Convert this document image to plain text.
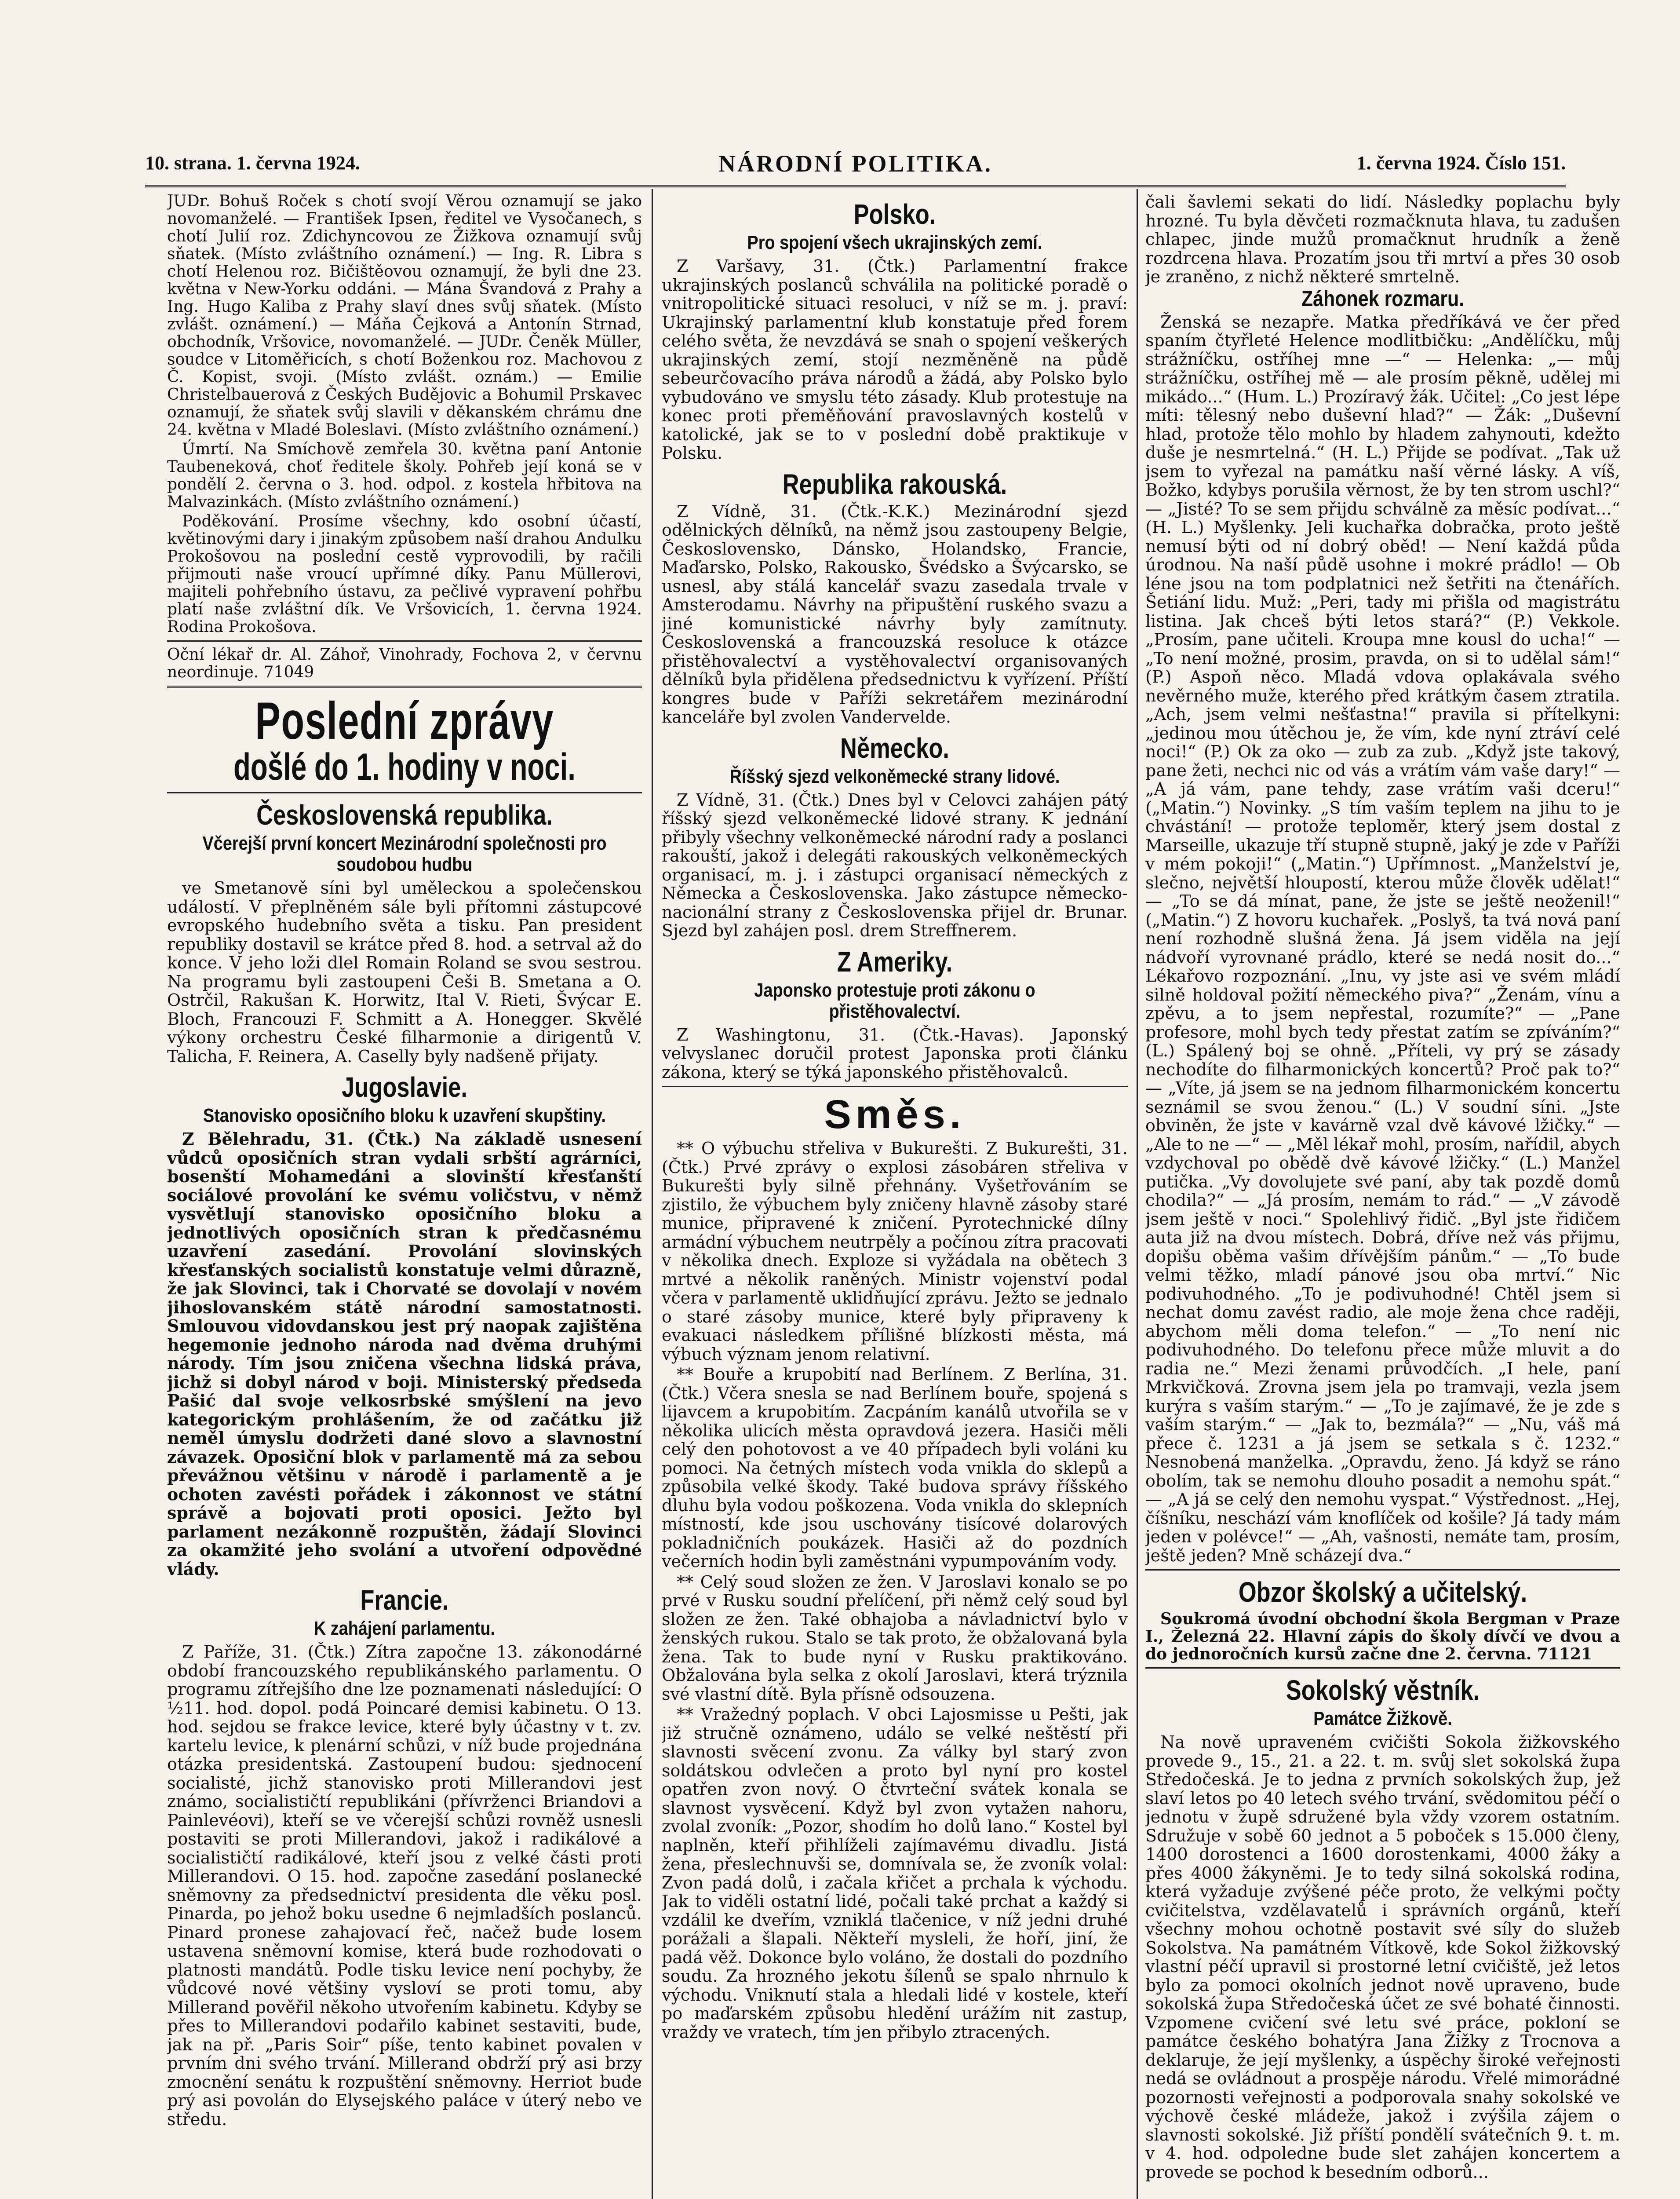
10. strana. 1. června 1924.	NÁRODNÍ POLITIKA.	1. června 1924. Číslo 151.

JUDr. Bohuš Roček s chotí svojí Věrou oznamují se jako novomanželé. — František Ipsen, ředitel ve Vysočanech, s chotí Julií roz. Zdichyncovou ze Žižkova oznamují svůj sňatek. (Místo zvláštního oznámení.) — Ing. R. Libra s chotí Helenou roz. Bičištěovou oznamují, že byli dne 23. května v New-Yorku oddáni. — Mána Švandová z Prahy a Ing. Hugo Kaliba z Prahy slaví dnes svůj sňatek. (Místo zvlášt. oznámení.) — Máňa Čejková a Antonín Strnad, obchodník, Vršovice, novomanželé. — JUDr. Čeněk Müller, soudce v Litoměřicích, s chotí Boženkou roz. Machovou z Č. Kopist, svoji. (Místo zvlášt. oznám.) — Emilie Christelbauerová z Českých Budějovic a Bohumil Prskavec oznamují, že sňatek svůj slavili v děkanském chrámu dne 24. května v Mladé Boleslavi. (Místo zvláštního oznámení.)

Úmrtí. Na Smíchově zemřela 30. května paní Antonie Taubeneková, choť ředitele školy. Pohřeb její koná se v pondělí 2. června o 3. hod. odpol. z kostela hřbitova na Malvazinkách. (Místo zvláštního oznámení.)

Poděkování. Prosíme všechny, kdo osobní účastí, květinovými dary i jinakým způsobem naší drahou Andulku Prokošovou na poslední cestě vyprovodili, by račili přijmouti naše vroucí upřímné díky. Panu Müllerovi, majiteli pohřebního ústavu, za pečlivé vypravení pohřbu platí naše zvláštní dík. Ve Vršovicích, 1. června 1924. Rodina Prokošova.

Oční lékař dr. Al. Záhoř, Vinohrady, Fochova 2, v červnu neordinuje. 71049

Poslední zprávy
došlé do 1. hodiny v noci.
Československá republika.
Včerejší první koncert Mezinárodní společnosti pro soudobou hudbu

ve Smetanově síni byl uměleckou a společenskou událostí. V přeplněném sále byli přítomni zástupcové evropského hudebního světa a tisku. Pan president republiky dostavil se krátce před 8. hod. a setrval až do konce. V jeho loži dlel Romain Roland se svou sestrou. Na programu byli zastoupeni Češi B. Smetana a O. Ostrčil, Rakušan K. Horwitz, Ital V. Rieti, Švýcar E. Bloch, Francouzi F. Schmitt a A. Honegger. Skvělé výkony orchestru České filharmonie a dirigentů V. Talicha, F. Reinera, A. Caselly byly nadšeně přijaty.

Jugoslavie.
Stanovisko oposičního bloku k uzavření skupštiny.

Z Bělehradu, 31. (Čtk.) Na základě usnesení vůdců oposičních stran vydali srbští agrárníci, bosenští Mohamedáni a slovinští křesťanští sociálové provolání ke svému voličstvu, v němž vysvětlují stanovisko oposičního bloku a jednotlivých oposičních stran k předčasnému uzavření zasedání. Provolání slovinských křesťanských socialistů konstatuje velmi důrazně, že jak Slovinci, tak i Chorvaté se dovolají v novém jihoslovanském státě národní samostatnosti. Smlouvou vidovdanskou jest prý naopak zajištěna hegemonie jednoho národa nad dvěma druhými národy. Tím jsou zničena všechna lidská práva, jichž si dobyl národ v boji. Ministerský předseda Pašić dal svoje velkosrbské smýšlení na jevo kategorickým prohlášením, že od začátku již neměl úmyslu dodržeti dané slovo a slavnostní závazek. Oposiční blok v parlamentě má za sebou převážnou většinu v národě i parlamentě a je ochoten zavésti pořádek i zákonnost ve státní správě a bojovati proti oposici. Ježto byl parlament nezákonně rozpuštěn, žádají Slovinci za okamžité jeho svolání a utvoření odpovědné vlády.

Francie.
K zahájení parlamentu.

Z Paříže, 31. (Čtk.) Zítra započne 13. zákonodárné období francouzského republikánského parlamentu. O programu zítřejšího dne lze poznamenati následující: O ½11. hod. dopol. podá Poincaré demisi kabinetu. O 13. hod. sejdou se frakce levice, které byly účastny v t. zv. kartelu levice, k plenární schůzi, v níž bude projednána otázka presidentská. Zastoupení budou: sjednocení socialisté, jichž stanovisko proti Millerandovi jest známo, socialističtí republikáni (přívrženci Briandovi a Painlevéovi), kteří se ve včerejší schůzi rovněž usnesli postaviti se proti Millerandovi, jakož i radikálové a socialističtí radikálové, kteří jsou z velké části proti Millerandovi. O 15. hod. započne zasedání poslanecké sněmovny za předsednictví presidenta dle věku posl. Pinarda, po jehož boku usedne 6 nejmladších poslanců. Pinard pronese zahajovací řeč, načež bude losem ustavena sněmovní komise, která bude rozhodovati o platnosti mandátů. Podle tisku levice není pochyby, že vůdcové nové většiny vysloví se proti tomu, aby Millerand pověřil někoho utvořením kabinetu. Kdyby se přes to Millerandovi podařilo kabinet sestaviti, bude, jak na př. „Paris Soir“ píše, tento kabinet povalen v prvním dni svého trvání. Millerand obdrží prý asi brzy zmocnění senátu k rozpuštění sněmovny. Herriot bude prý asi povolán do Elysejského paláce v úterý nebo ve středu.

Polsko.
Pro spojení všech ukrajinských zemí.

Z Varšavy, 31. (Čtk.) Parlamentní frakce ukrajinských poslanců schválila na politické poradě o vnitropolitické situaci resoluci, v níž se m. j. praví: Ukrajinský parlamentní klub konstatuje před forem celého světa, že nevzdává se snah o spojení veškerých ukrajinských zemí, stojí nezměněně na půdě sebeurčovacího práva národů a žádá, aby Polsko bylo vybudováno ve smyslu této zásady. Klub protestuje na konec proti přeměňování pravoslavných kostelů v katolické, jak se to v poslední době praktikuje v Polsku.

Republika rakouská.

Z Vídně, 31. (Čtk.-K.K.) Mezinárodní sjezd odělnických dělníků, na němž jsou zastoupeny Belgie, Československo, Dánsko, Holandsko, Francie, Maďarsko, Polsko, Rakousko, Švédsko a Švýcarsko, se usnesl, aby stálá kancelář svazu zasedala trvale v Amsterodamu. Návrhy na připuštění ruského svazu a jiné komunistické návrhy byly zamítnuty. Československá a francouzská resoluce k otázce přistěhovalectví a vystěhovalectví organisovaných dělníků byla přidělena předsednictvu k vyřízení. Příští kongres bude v Paříži sekretářem mezinárodní kanceláře byl zvolen Vandervelde.

Německo.
Říšský sjezd velkoněmecké strany lidové.

Z Vídně, 31. (Čtk.) Dnes byl v Celovci zahájen pátý říšský sjezd velkoněmecké lidové strany. K jednání přibyly všechny velkoněmecké národní rady a poslanci rakouští, jakož i delegáti rakouských velkoněmeckých organisací, m. j. i zástupci organisací německých z Německa a Československa. Jako zástupce německo-nacionální strany z Československa přijel dr. Brunar. Sjezd byl zahájen posl. drem Streffnerem.

Z Ameriky.
Japonsko protestuje proti zákonu o přistěhovalectví.

Z Washingtonu, 31. (Čtk.-Havas). Japonský velvyslanec doručil protest Japonska proti článku zákona, který se týká japonského přistěhovalců.

Směs.

** O výbuchu střeliva v Bukurešti. Z Bukurešti, 31. (Čtk.) Prvé zprávy o explosi zásobáren střeliva v Bukurešti byly silně přehnány. Vyšetřováním se zjistilo, že výbuchem byly zničeny hlavně zásoby staré munice, připravené k zničení. Pyrotechnické dílny armádní výbuchem neutrpěly a počínou zítra pracovati v několika dnech. Exploze si vyžádala na obětech 3 mrtvé a několik raněných. Ministr vojenství podal včera v parlamentě uklidňující zprávu. Ježto se jednalo o staré zásoby munice, které byly připraveny k evakuaci následkem přílišné blízkosti města, má výbuch význam jenom relativní.

** Bouře a krupobití nad Berlínem. Z Berlína, 31. (Čtk.) Včera snesla se nad Berlínem bouře, spojená s lijavcem a krupobitím. Zacpáním kanálů utvořila se v několika ulicích města opravdová jezera. Hasiči měli celý den pohotovost a ve 40 případech byli voláni ku pomoci. Na četných místech voda vnikla do sklepů a způsobila velké škody. Také budova správy říšského dluhu byla vodou poškozena. Voda vnikla do sklepních místností, kde jsou uschovány tisícové dolarových pokladničních poukázek. Hasiči až do pozdních večerních hodin byli zaměstnáni vypumpováním vody.

** Celý soud složen ze žen. V Jaroslavi konalo se po prvé v Rusku soudní přelíčení, při němž celý soud byl složen ze žen. Také obhajoba a návladnictví bylo v ženských rukou. Stalo se tak proto, že obžalovaná byla žena. Tak to bude nyní v Rusku praktikováno. Obžalována byla selka z okolí Jaroslavi, která trýznila své vlastní dítě. Byla přísně odsouzena.

** Vražedný poplach. V obci Lajosmisse u Pešti, jak již stručně oznámeno, událo se velké neštěstí při slavnosti svěcení zvonu. Za války byl starý zvon soldátskou odvlečen a proto byl nyní pro kostel opatřen zvon nový. O čtvrteční svátek konala se slavnost vysvěcení. Když byl zvon vytažen nahoru, zvolal zvoník: „Pozor, shodím ho dolů lano.“ Kostel byl naplněn, kteří přihlíželi zajímavému divadlu. Jistá žena, přeslechnuvši se, domnívala se, že zvoník volal: Zvon padá dolů, i začala křičet a prchala k východu. Jak to viděli ostatní lidé, počali také prchat a každý si vzdálil ke dveřím, vzniklá tlačenice, v níž jedni druhé porážali a šlapali. Někteří mysleli, že hoří, jiní, že padá věž. Dokonce bylo voláno, že dostali do pozdního soudu. Za hrozného jekotu šílenů se spalo nhrnulo k východu. Vniknutí stala a hledali lidé v kostele, kteří po maďarském způsobu hledění urážím nit zastup, vraždy ve vratech, tím jen přibylo ztracených.

čali šavlemi sekati do lidí. Následky poplachu byly hrozné. Tu byla děvčeti rozmačknuta hlava, tu zadušen chlapec, jinde mužů promačknut hrudník a ženě rozdrcena hlava. Prozatím jsou tři mrtví a přes 30 osob je zraněno, z nichž některé smrtelně.

Záhonek rozmaru.

Ženská se nezapře. Matka předříkává ve čer před spaním čtyřleté Helence modlitbičku: „Andělíčku, můj strážníčku, ostříhej mne —“ — Helenka: „— můj strážníčku, ostříhej mě — ale prosím pěkně, udělej mi mikádo...“ (Hum. L.) Prozíravý žák. Učitel: „Co jest lépe míti: tělesný nebo duševní hlad?“ — Žák: „Duševní hlad, protože tělo mohlo by hladem zahynouti, kdežto duše je nesmrtelná.“ (H. L.) Přijde se podívat. „Tak už jsem to vyřezal na památku naší věrné lásky. A víš, Božko, kdybys porušila věrnost, že by ten strom uschl?“ — „Jisté? To se sem přijdu schválně za měsíc podívat...“ (H. L.) Myšlenky. Jeli kuchařka dobračka, proto ještě nemusí býti od ní dobrý oběd! — Není každá půda úrodnou. Na naší půdě usohne i mokré prádlo! — Ob léne jsou na tom podplatnici než šetřiti na čtenářích. Šetiání lidu. Muž: „Peri, tady mi přišla od magistrátu listina. Jak chceš býti letos stará?“ (P.) Vekkole. „Prosím, pane učiteli. Kroupa mne kousl do ucha!“ — „To není možné, prosim, pravda, on si to udělal sám!“ (P.) Aspoň něco. Mladá vdova oplakávala svého nevěrného muže, kterého před krátkým časem ztratila. „Ach, jsem velmi nešťastna!“ pravila si přítelkyni: „jedinou mou útěchou je, že vím, kde nyní ztráví celé noci!“ (P.) Ok za oko — zub za zub. „Když jste takový, pane žeti, nechci nic od vás a vrátím vám vaše dary!“ — „A já vám, pane tehdy, zase vrátím vaši dceru!“ („Matin.“) Novinky. „S tím vaším teplem na jihu to je chvástání! — protože teploměr, který jsem dostal z Marseille, ukazuje tří stupně stupně, jaký je zde v Paříži v mém pokoji!“ („Matin.“) Upřímnost. „Manželství je, slečno, největší hloupostí, kterou může člověk udělat!“ — „To se dá mínat, pane, že jste se ještě neoženil!“ („Matin.“) Z hovoru kuchařek. „Poslyš, ta tvá nová paní není rozhodně slušná žena. Já jsem viděla na její nádvoří vyrovnané prádlo, které se nedá nosit do...“ Lékařovo rozpoznání. „Inu, vy jste asi ve svém mládí silně holdoval požití německého piva?“ „Ženám, vínu a zpěvu, a to jsem nepřestal, rozumíte?“ — „Pane profesore, mohl bych tedy přestat zatím se zpíváním?“ (L.) Spálený boj se ohně. „Příteli, vy prý se zásady nechodíte do filharmonických koncertů? Proč pak to?“ — „Víte, já jsem se na jednom filharmonickém koncertu seznámil se svou ženou.“ (L.) V soudní síni. „Jste obviněn, že jste v kavárně vzal dvě kávové lžičky.“ — „Ale to ne —“ — „Měl lékař mohl, prosím, nařídil, abych vzdychoval po obědě dvě kávové lžičky.“ (L.) Manžel putička. „Vy dovolujete své paní, aby tak pozdě domů chodila?“ — „Já prosím, nemám to rád.“ — „V závodě jsem ještě v noci.“ Spolehlivý řidič. „Byl jste řidičem auta již na dvou místech. Dobrá, dříve než vás přijmu, dopišu oběma vašim dřívějším pánům.“ — „To bude velmi těžko, mladí pánové jsou oba mrtví.“ Nic podivuhodného. „To je podivuhodné! Chtěl jsem si nechat domu zavést radio, ale moje žena chce raději, abychom měli doma telefon.“ — „To není nic podivuhodného. Do telefonu přece může mluvit a do radia ne.“ Mezi ženami průvodčích. „I hele, paní Mrkvičková. Zrovna jsem jela po tramvaji, vezla jsem kurýra s vaším starým.“ — „To je zajímavé, že je zde s vaším starým.“ — „Jak to, bezmála?“ — „Nu, váš má přece č. 1231 a já jsem se setkala s č. 1232.“ Nesnobená manželka. „Opravdu, ženo. Já když se ráno obolím, tak se nemohu dlouho posadit a nemohu spát.“ — „A já se celý den nemohu vyspat.“ Výstřednost. „Hej, číšníku, neschází vám knoflíček od košile? Já tady mám jeden v polévce!“ — „Ah, vašnosti, nemáte tam, prosím, ještě jeden? Mně scházejí dva.“

Obzor školský a učitelský.

Soukromá úvodní obchodní škola Bergman v Praze I., Železná 22. Hlavní zápis do školy dívčí ve dvou a do jednoročních kursů začne dne 2. června. 71121

Sokolský věstník.
Památce Žižkově.

Na nově upraveném cvičišti Sokola žižkovského provede 9., 15., 21. a 22. t. m. svůj slet sokolská župa Středočeská. Je to jedna z prvních sokolských žup, jež slaví letos po 40 letech svého trvání, svědomitou péčí o jednotu v župě sdružené byla vždy vzorem ostatním. Sdružuje v sobě 60 jednot a 5 poboček s 15.000 členy, 1400 dorostenci a 1600 dorostenkami, 4000 žáky a přes 4000 žákyněmi. Je to tedy silná sokolská rodina, která vyžaduje zvýšené péče proto, že velkými počty cvičitelstva, vzdělavatelů i správních orgánů, kteří všechny mohou ochotně postavit své síly do služeb Sokolstva. Na památném Vítkově, kde Sokol žižkovský vlastní péčí upravil si prostorné letní cvičiště, jež letos bylo za pomoci okolních jednot nově upraveno, bude sokolská župa Středočeská účet ze své bohaté činnosti. Vzpomene cvičení své letu své práce, pokloní se památce českého bohatýra Jana Žižky z Trocnova a deklaruje, že její myšlenky, a úspěchy široké veřejnosti nedá se ovládnout a prospěje národu. Vřelé mimorádné pozornosti veřejnosti a podporovala snahy sokolské ve výchově české mládeže, jakož i zvýšila zájem o slavnosti sokolské. Již příští pondělí svátečních 9. t. m. v 4. hod. odpoledne bude slet zahájen koncertem a provede se pochod k besedním odborů...
